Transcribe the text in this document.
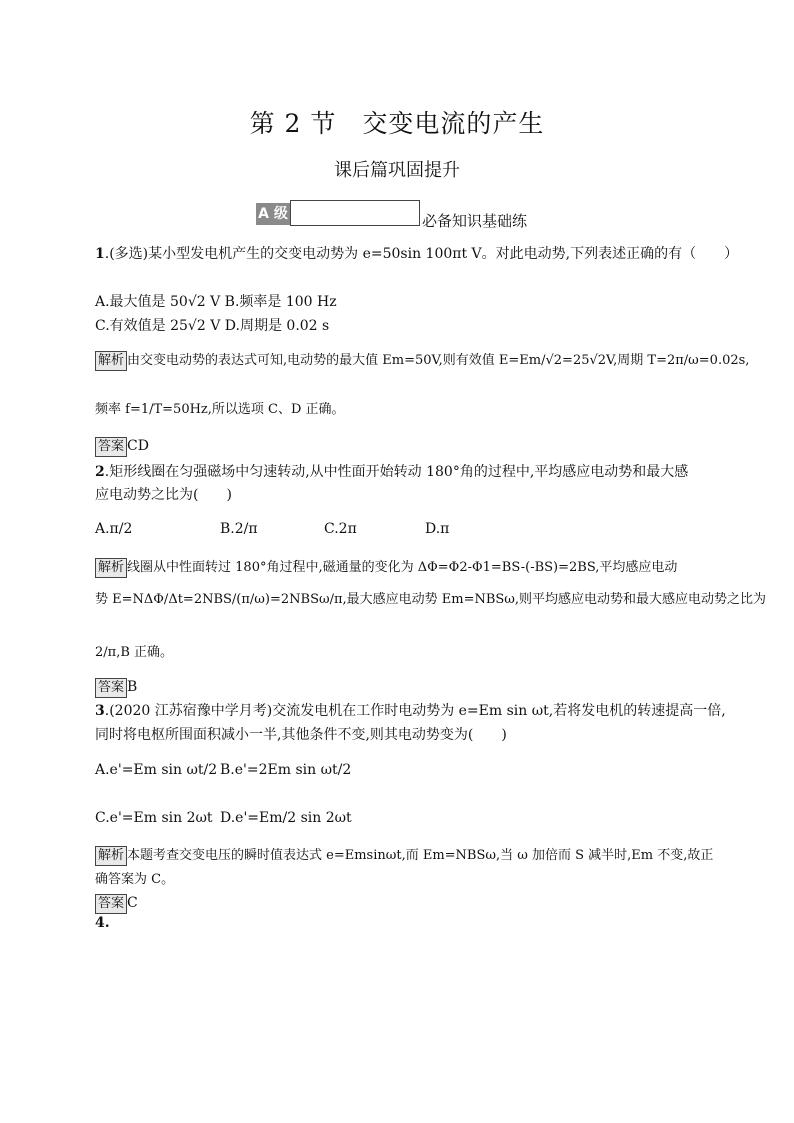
第 2 节　交变电流的产生
课后篇巩固提升
A 级	必备知识基础练
1.(多选)某小型发电机产生的交变电动势为 e=50sin 100πt V。对此电动势,下列表述正确的有（　　）
A.最大值是 50√2 V B.频率是 100 Hz
C.有效值是 25√2 V D.周期是 0.02 s
解析 由交变电动势的表达式可知,电动势的最大值 Em=50V,则有效值 E=Em/√2=25√2V,周期 T=2π/ω=0.02s,
频率 f=1/T=50Hz,所以选项 C、D 正确。
答案 CD
2.矩形线圈在匀强磁场中匀速转动,从中性面开始转动 180°角的过程中,平均感应电动势和最大感
应电动势之比为(　　)
A.π/2	B.2/π	C.2π	D.π
解析 线圈从中性面转过 180°角过程中,磁通量的变化为 ΔΦ=Φ2-Φ1=BS-(-BS)=2BS,平均感应电动
势 E=NΔΦ/Δt=2NBS/(π/ω)=2NBSω/π,最大感应电动势 Em=NBSω,则平均感应电动势和最大感应电动势之比为
2/π,B 正确。
答案 B
3.(2020 江苏宿豫中学月考)交流发电机在工作时电动势为 e=Em sin ωt,若将发电机的转速提高一倍,
同时将电枢所围面积减小一半,其他条件不变,则其电动势变为(　　)
A.e'=Em sin ωt/2 B.e'=2Em sin ωt/2
C.e'=Em sin 2ωt D.e'=Em/2 sin 2ωt
解析 本题考查交变电压的瞬时值表达式 e=Emsinωt,而 Em=NBSω,当 ω 加倍而 S 减半时,Em 不变,故正
确答案为 C。
答案 C
4.
